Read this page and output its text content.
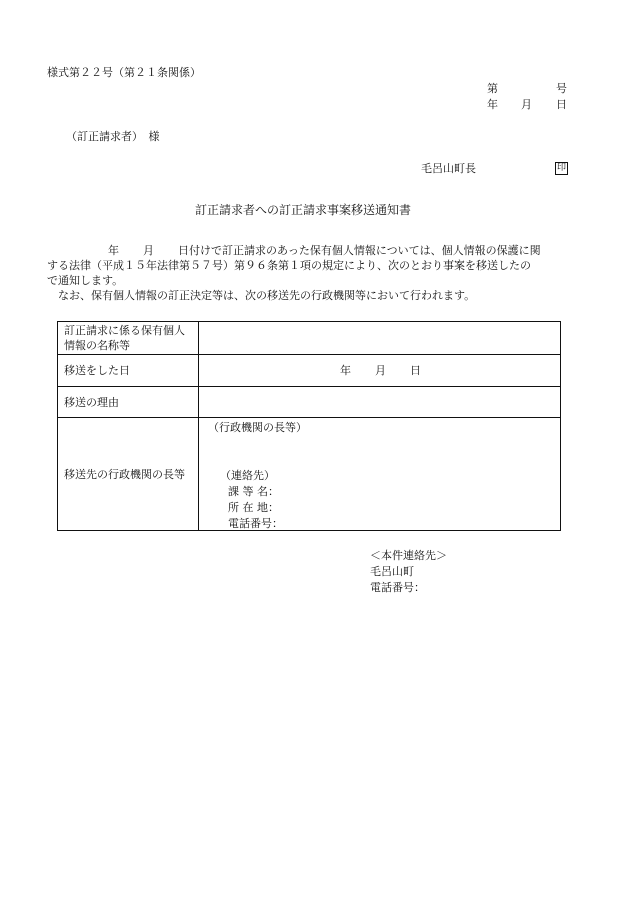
様式第２２号（第２１条関係）
第	号
年 月 日
（訂正請求者）　様
毛呂山町長	印
訂正請求者への訂正請求事案移送通知書

年 月 日付けで訂正請求のあった保有個人情報については、個人情報の保護に関

する法律（平成１５年法律第５７号）第９６条第１項の規定により、次のとおり事案を移送したの

で通知します。

なお、保有個人情報の訂正決定等は、次の移送先の行政機関等において行われます。

訂正請求に係る保有個人
情報の名称等	

移送をした日	年 月 日

移送の理由	
移送先の行政機関の長等	（行政機関の長等）
（連絡先）
課 等 名：
所 在 地：
電話番号：
＜本件連絡先＞
毛呂山町
電話番号：
